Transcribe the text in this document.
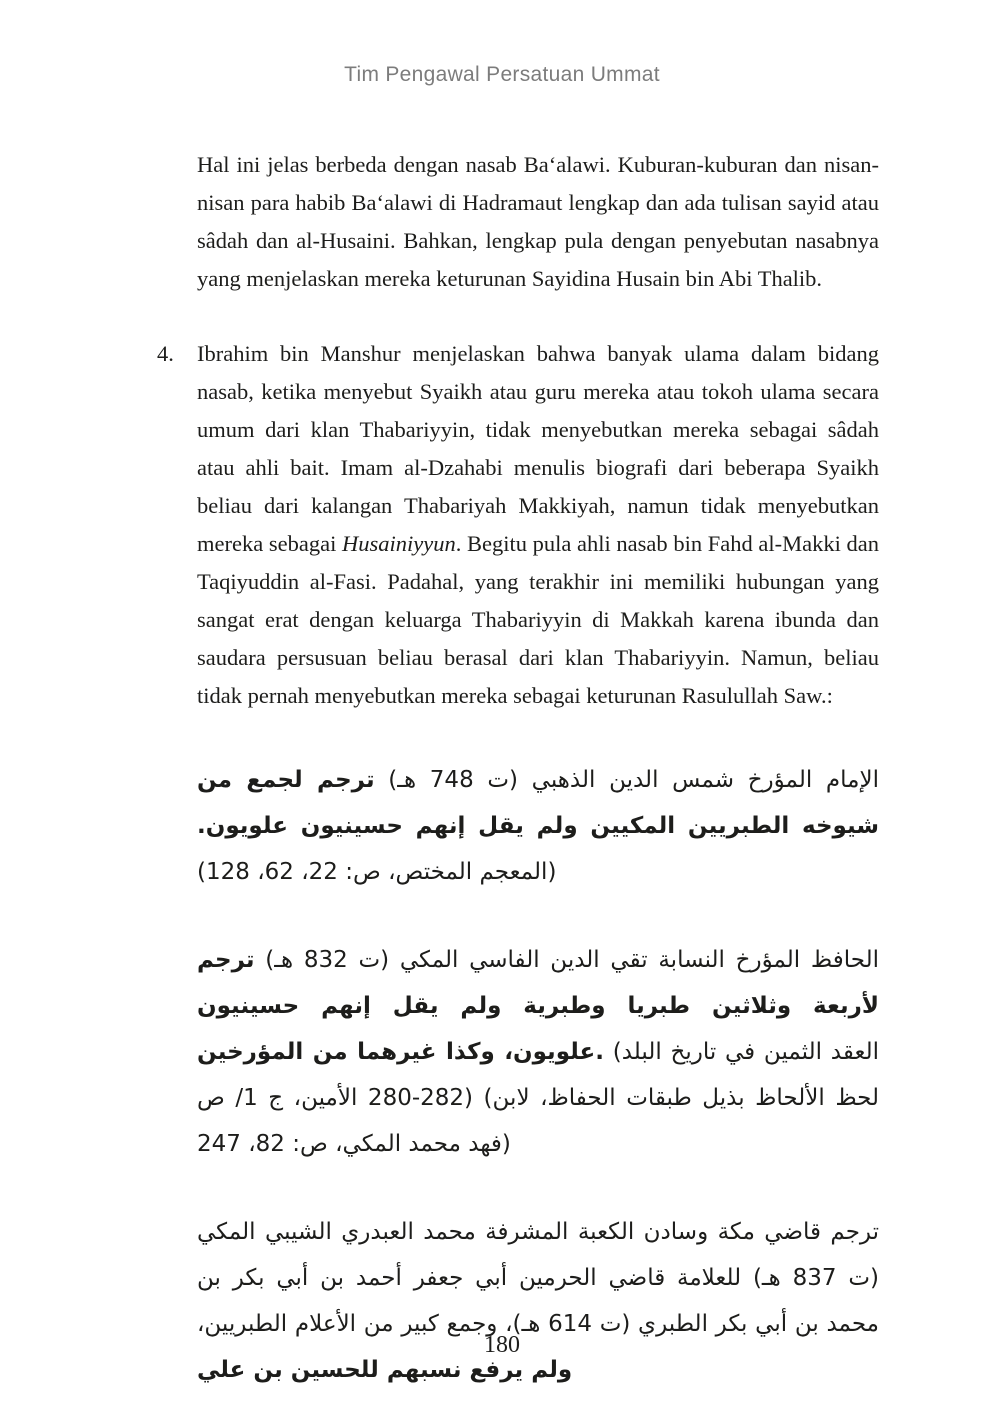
Tim Pengawal Persatuan Ummat

Hal ini jelas berbeda dengan nasab Ba‘alawi. Kuburan-kuburan dan nisan-nisan para habib Ba‘alawi di Hadramaut lengkap dan ada tulisan sayid atau sâdah dan al-Husaini. Bahkan, lengkap pula dengan penyebutan nasabnya yang menjelaskan mereka keturunan Sayidina Husain bin Abi Thalib.

4. Ibrahim bin Manshur menjelaskan bahwa banyak ulama dalam bidang nasab, ketika menyebut Syaikh atau guru mereka atau tokoh ulama secara umum dari klan Thabariyyin, tidak menyebutkan mereka sebagai sâdah atau ahli bait. Imam al-Dzahabi menulis biografi dari beberapa Syaikh beliau dari kalangan Thabariyah Makkiyah, namun tidak menyebutkan mereka sebagai Husainiyyun. Begitu pula ahli nasab bin Fahd al-Makki dan Taqiyuddin al-Fasi. Padahal, yang terakhir ini memiliki hubungan yang sangat erat dengan keluarga Thabariyyin di Makkah karena ibunda dan saudara persusuan beliau berasal dari klan Thabariyyin. Namun, beliau tidak pernah menyebutkan mereka sebagai keturunan Rasulullah Saw.:

الإمام المؤرخ شمس الدين الذهبي (ت 748 هـ) ترجم لجمع من شيوخه الطبريين المكيين ولم يقل إنهم حسينيون علويون. (المعجم المختص، ص: 22، 62، 128)

الحافظ المؤرخ النسابة تقي الدين الفاسي المكي (ت 832 هـ) ترجم لأربعة وثلاثين طبريا وطبرية ولم يقل إنهم حسينيون علويون، وكذا غيرهما من المؤرخين. (العقد الثمين في تاريخ البلد الأمين، ج 1/ ص ‎280-282‎) (لحظ الألحاظ بذيل طبقات الحفاظ، لابن فهد محمد المكي، ص: 82، 247)

ترجم قاضي مكة وسادن الكعبة المشرفة محمد العبدري الشيبي المكي (ت 837 هـ) للعلامة قاضي الحرمين أبي جعفر أحمد بن أبي بكر بن محمد بن أبي بكر الطبري (ت 614 هـ)، وجمع كبير من الأعلام الطبريين، ولم يرفع نسبهم للحسين بن علي

180
